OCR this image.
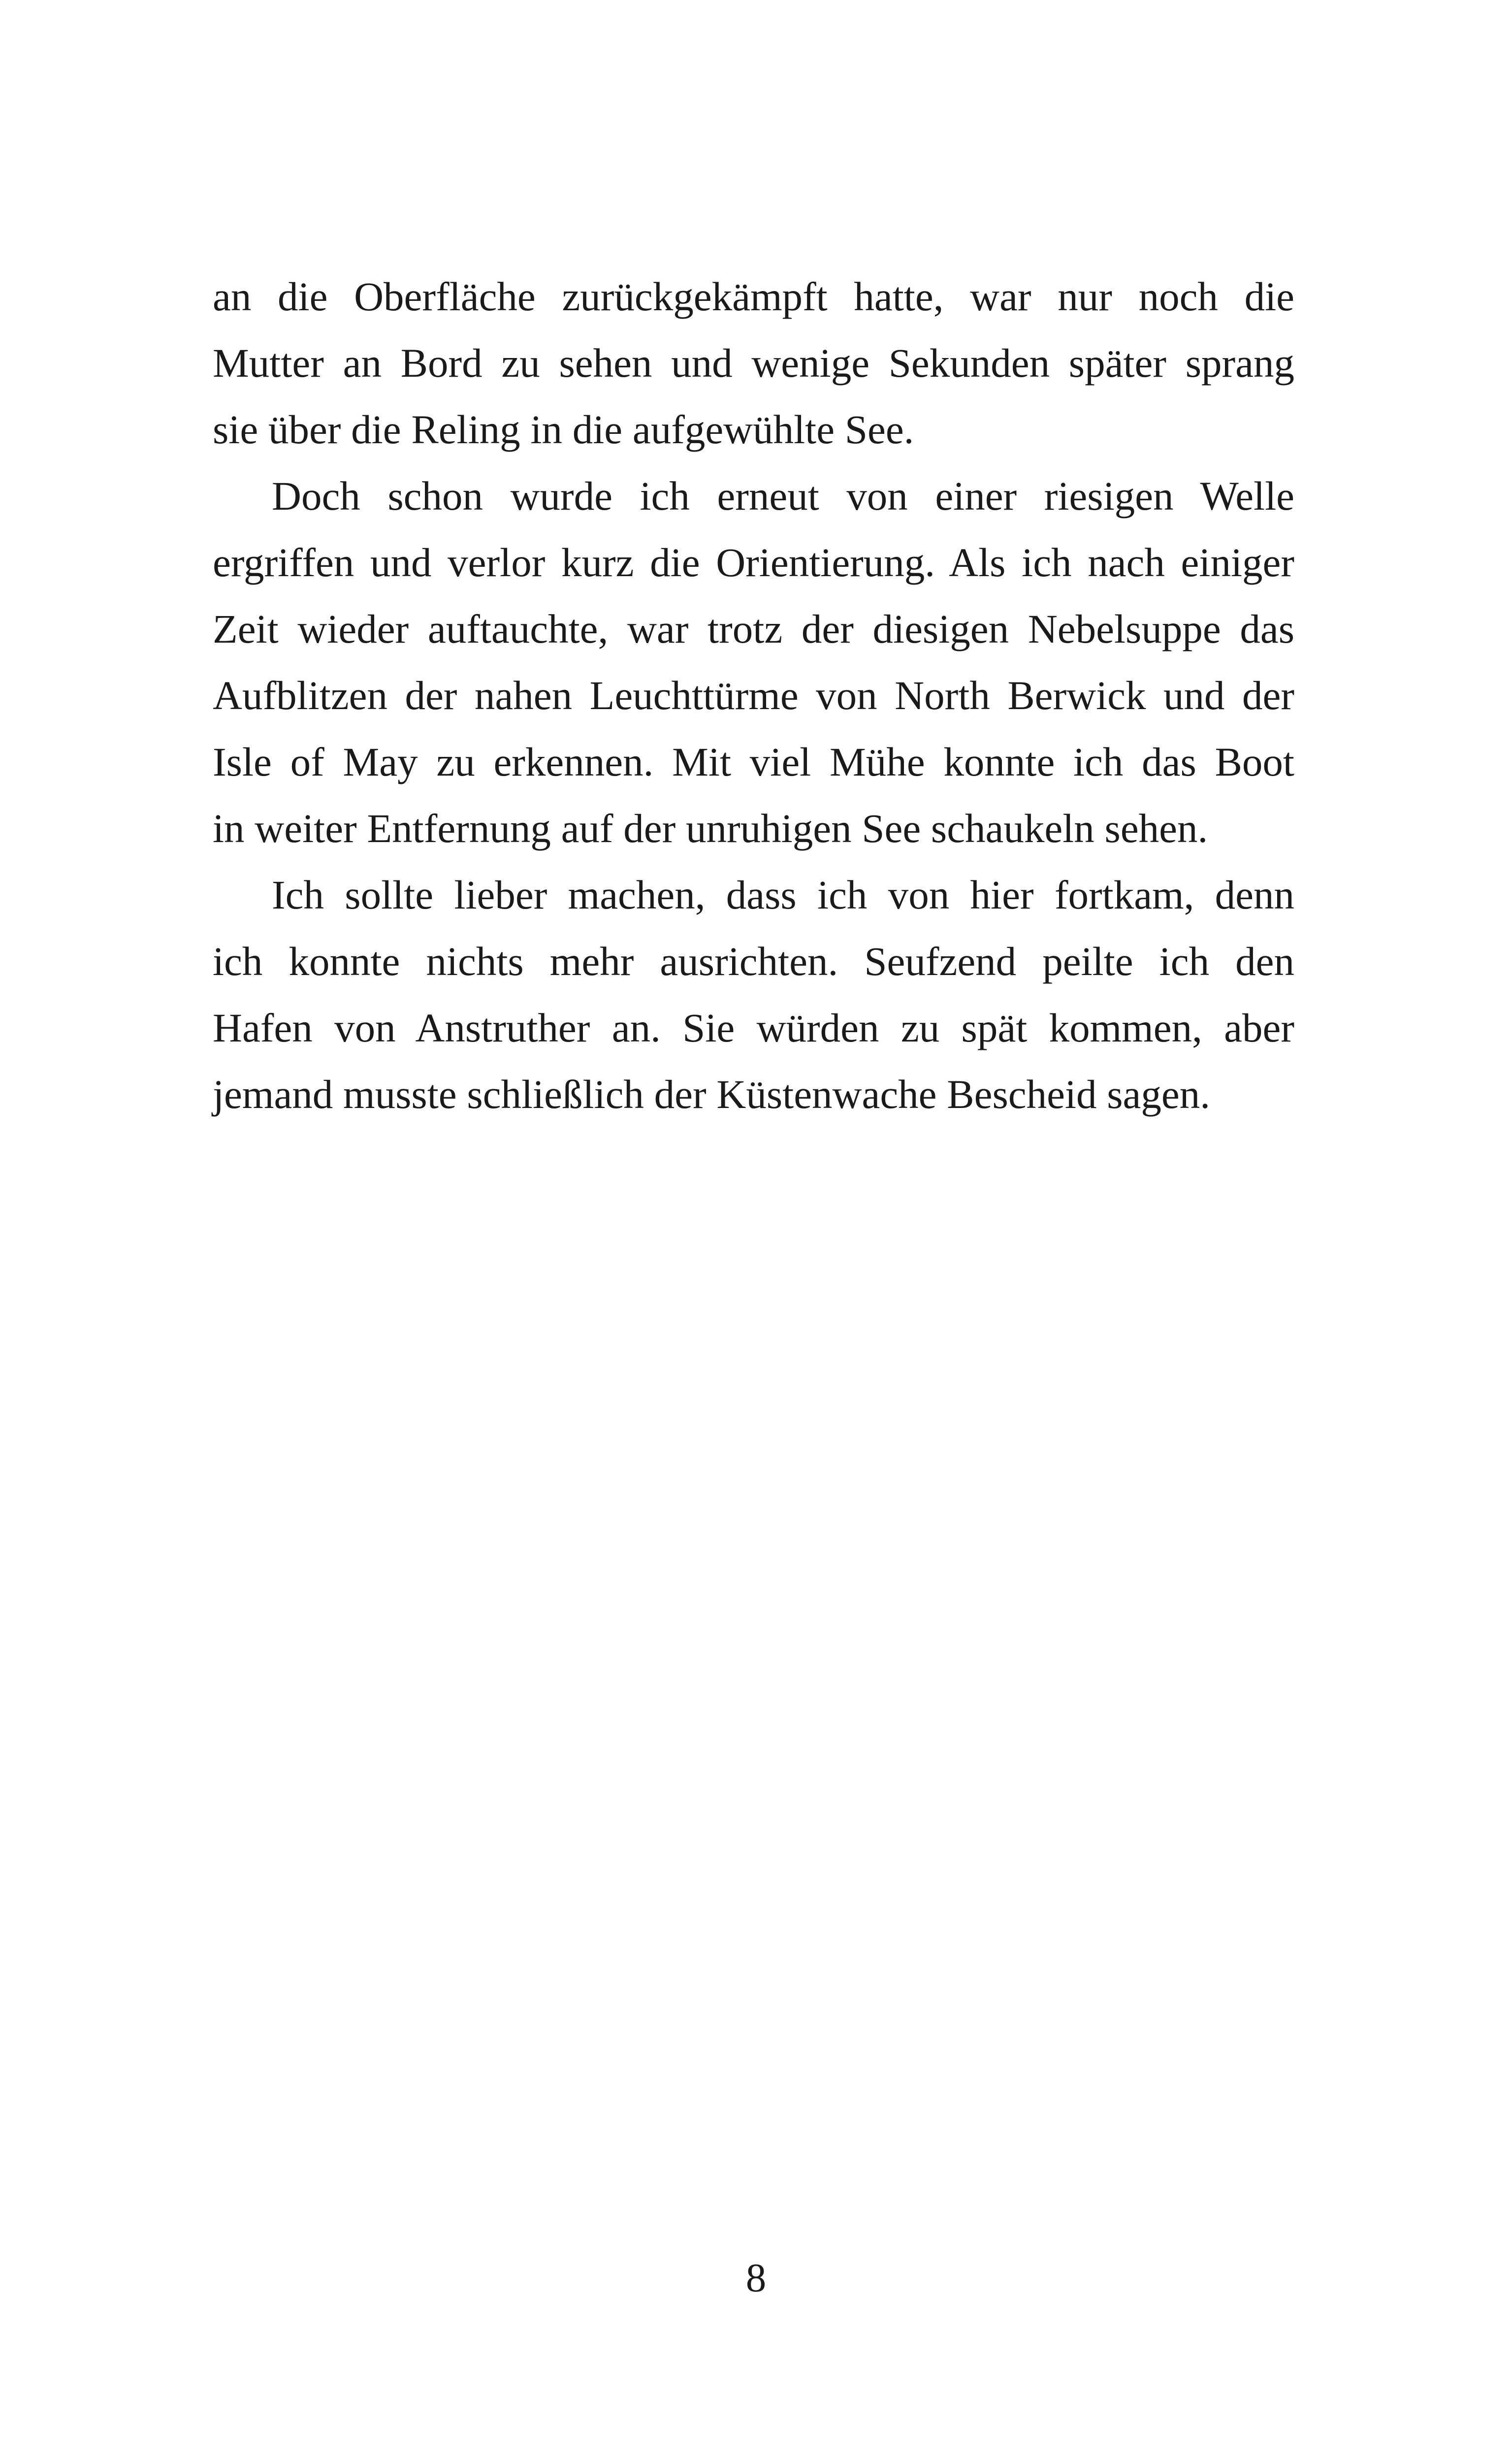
an die Oberfläche zurückgekämpft hatte, war nur noch die
Mutter an Bord zu sehen und wenige Sekunden später sprang
sie über die Reling in die aufgewühlte See.
Doch schon wurde ich erneut von einer riesigen Welle
ergriffen und verlor kurz die Orientierung. Als ich nach einiger
Zeit wieder auftauchte, war trotz der diesigen Nebelsuppe das
Aufblitzen der nahen Leuchttürme von North Berwick und der
Isle of May zu erkennen. Mit viel Mühe konnte ich das Boot
in weiter Entfernung auf der unruhigen See schaukeln sehen.
Ich sollte lieber machen, dass ich von hier fortkam, denn
ich konnte nichts mehr ausrichten. Seufzend peilte ich den
Hafen von Anstruther an. Sie würden zu spät kommen, aber
jemand musste schließlich der Küstenwache Bescheid sagen.
8
